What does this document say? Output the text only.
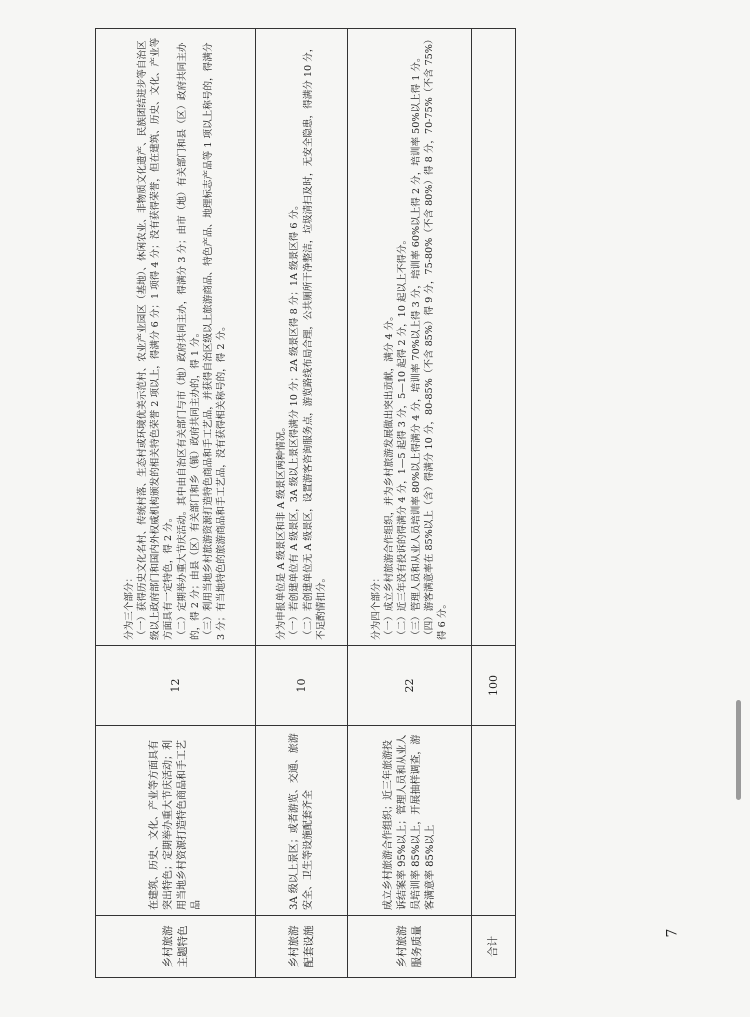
乡村旅游主题特色	在建筑、历史、文化、产业等方面具有突出特色；定期举办重大节庆活动；利用当地乡村资源打造特色商品和手工艺品	12	分为三个部分： （一）获得历史文化名村、传统村落、生态村或环境优美示范村、农业产业园区（基地）、休闲农业、非物质文化遗产、民族团结进步等自治区级以上政府部门和国内外权威机构颁发的相关特色荣誉 2 项以上，得满分 6 分；1 项得 4 分；没有获得荣誉，但在建筑、历史、文化、产业等方面具有一定特色，得 2 分。 （二）定期举办重大节庆活动。其中由自治区有关部门与市（地）政府共同主办，得满分 3 分；由市（地）有关部门和县（区）政府共同主办的，得 2 分；由县（区）有关部门和乡（镇）政府共同主办的，得 1 分。 （三）利用当地乡村旅游资源打造特色商品和手工艺品，并获得自治区级以上旅游商品、特色产品、地理标志产品等 1 项以上称号的，得满分 3 分；有当地特色的旅游商品和手工艺品，没有获得相关称号的，得 2 分。

乡村旅游配套设施	3A 级以上景区；或者游览、交通、旅游安全、卫生等设施配套齐全	10	分为申报单位是 A 级景区和非 A 级景区两种情况。 （一）若创建单位有 A 级景区，3A 级以上景区得满分 10 分；2A 级景区得 8 分；1A 级景区得 6 分。 （二）若创建单位无 A 级景区，设置游客咨询服务点，游览路线布局合理，公共厕所干净整洁，垃圾清扫及时，无安全隐患，得满分 10 分，不足酌情扣分。

乡村旅游服务质量	成立乡村旅游合作组织；近三年旅游投诉结案率 95%以上；管理人员和从业人员培训率 85%以上，开展抽样调查，游客满意率 85%以上	22	分为四个部分： （一）成立乡村旅游合作组织，并为乡村旅游发展做出突出贡献，满分 4 分。 （二）近三年没有投诉的得满分 4 分，1—5 起得 3 分，5—10 起得 2 分，10 起以上不得分。 （三）管理人员和从业人员培训率 80%以上得满分 4 分，培训率 70%以上得 3 分，培训率 60%以上得 2 分，培训率 50%以上得 1 分。 （四）游客满意率在 85%以上（含）得满分 10 分，80-85%（不含 85%）得 9 分，75-80%（不含 80%）得 8 分，70-75%（不含 75%）得 6 分。

合计		100	
7
